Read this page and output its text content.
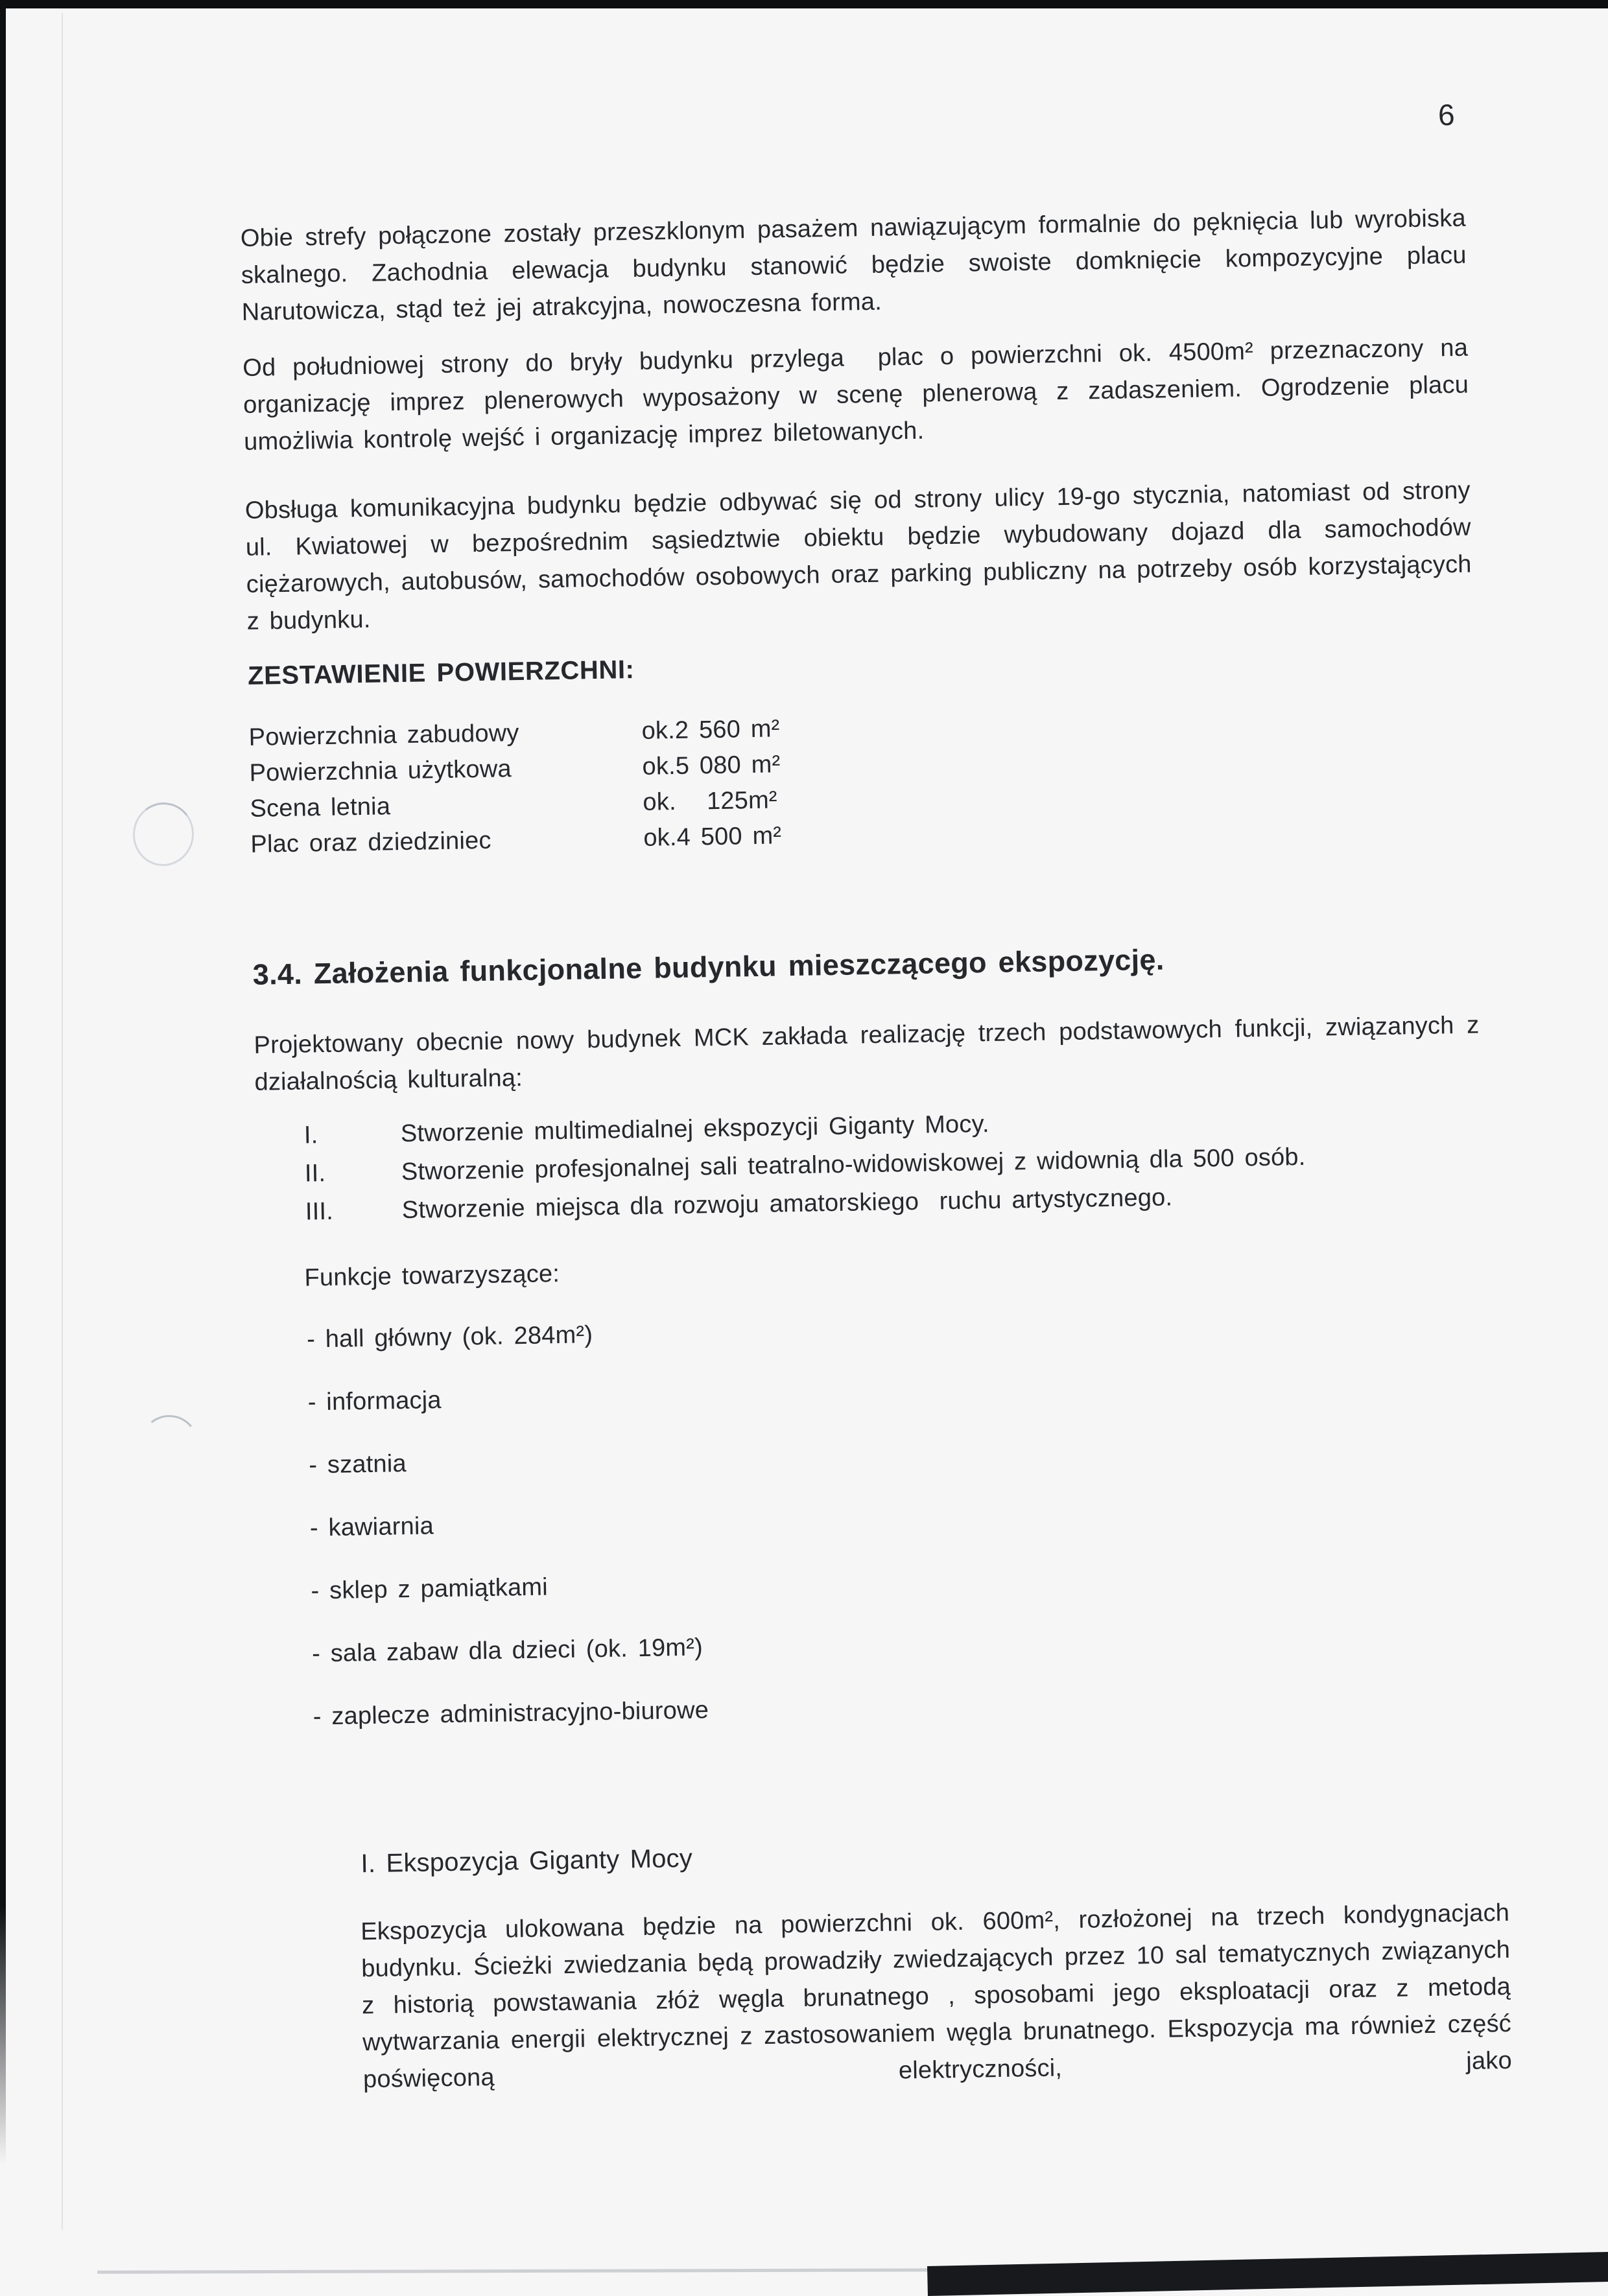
6
Obie strefy połączone zostały przeszklonym pasażem nawiązującym formalnie do pęknięcia lub wyrobiska skalnego. Zachodnia elewacja budynku stanowić będzie swoiste domknięcie kompozycyjne placu Narutowicza, stąd też jej atrakcyjna, nowoczesna forma.
Od południowej strony do bryły budynku przylega  plac o powierzchni ok. 4500m² przeznaczony na organizację imprez plenerowych wyposażony w scenę plenerową z zadaszeniem. Ogrodzenie placu umożliwia kontrolę wejść i organizację imprez biletowanych.
Obsługa komunikacyjna budynku będzie odbywać się od strony ulicy 19-go stycznia, natomiast od strony ul. Kwiatowej w bezpośrednim sąsiedztwie obiektu będzie wybudowany dojazd dla samochodów ciężarowych, autobusów, samochodów osobowych oraz parking publiczny na potrzeby osób korzystających z budynku.
ZESTAWIENIE POWIERZCHNI:
Powierzchnia zabudowy	ok.2 560 m²
Powierzchnia użytkowa	ok.5 080 m²
Scena letnia	ok.   125m²
Plac oraz dziedziniec	ok.4 500 m²
3.4. Założenia funkcjonalne budynku mieszczącego ekspozycję.
Projektowany obecnie nowy budynek MCK zakłada realizację trzech podstawowych funkcji, związanych z działalnością kulturalną:
I.	Stworzenie multimedialnej ekspozycji Giganty Mocy.
II.	Stworzenie profesjonalnej sali teatralno-widowiskowej z widownią dla 500 osób.
III.	Stworzenie miejsca dla rozwoju amatorskiego  ruchu artystycznego.
Funkcje towarzyszące:
- hall główny (ok. 284m²)
- informacja
- szatnia
- kawiarnia
- sklep z pamiątkami
- sala zabaw dla dzieci (ok. 19m²)
- zaplecze administracyjno-biurowe
I. Ekspozycja Giganty Mocy
Ekspozycja ulokowana będzie na powierzchni ok. 600m², rozłożonej na trzech kondygnacjach budynku. Ścieżki zwiedzania będą prowadziły zwiedzających przez 10 sal tematycznych związanych z historią powstawania złóż węgla brunatnego , sposobami jego eksploatacji oraz z metodą wytwarzania energii elektrycznej z zastosowaniem węgla brunatnego. Ekspozycja ma również część poświęconą elektryczności, jako
